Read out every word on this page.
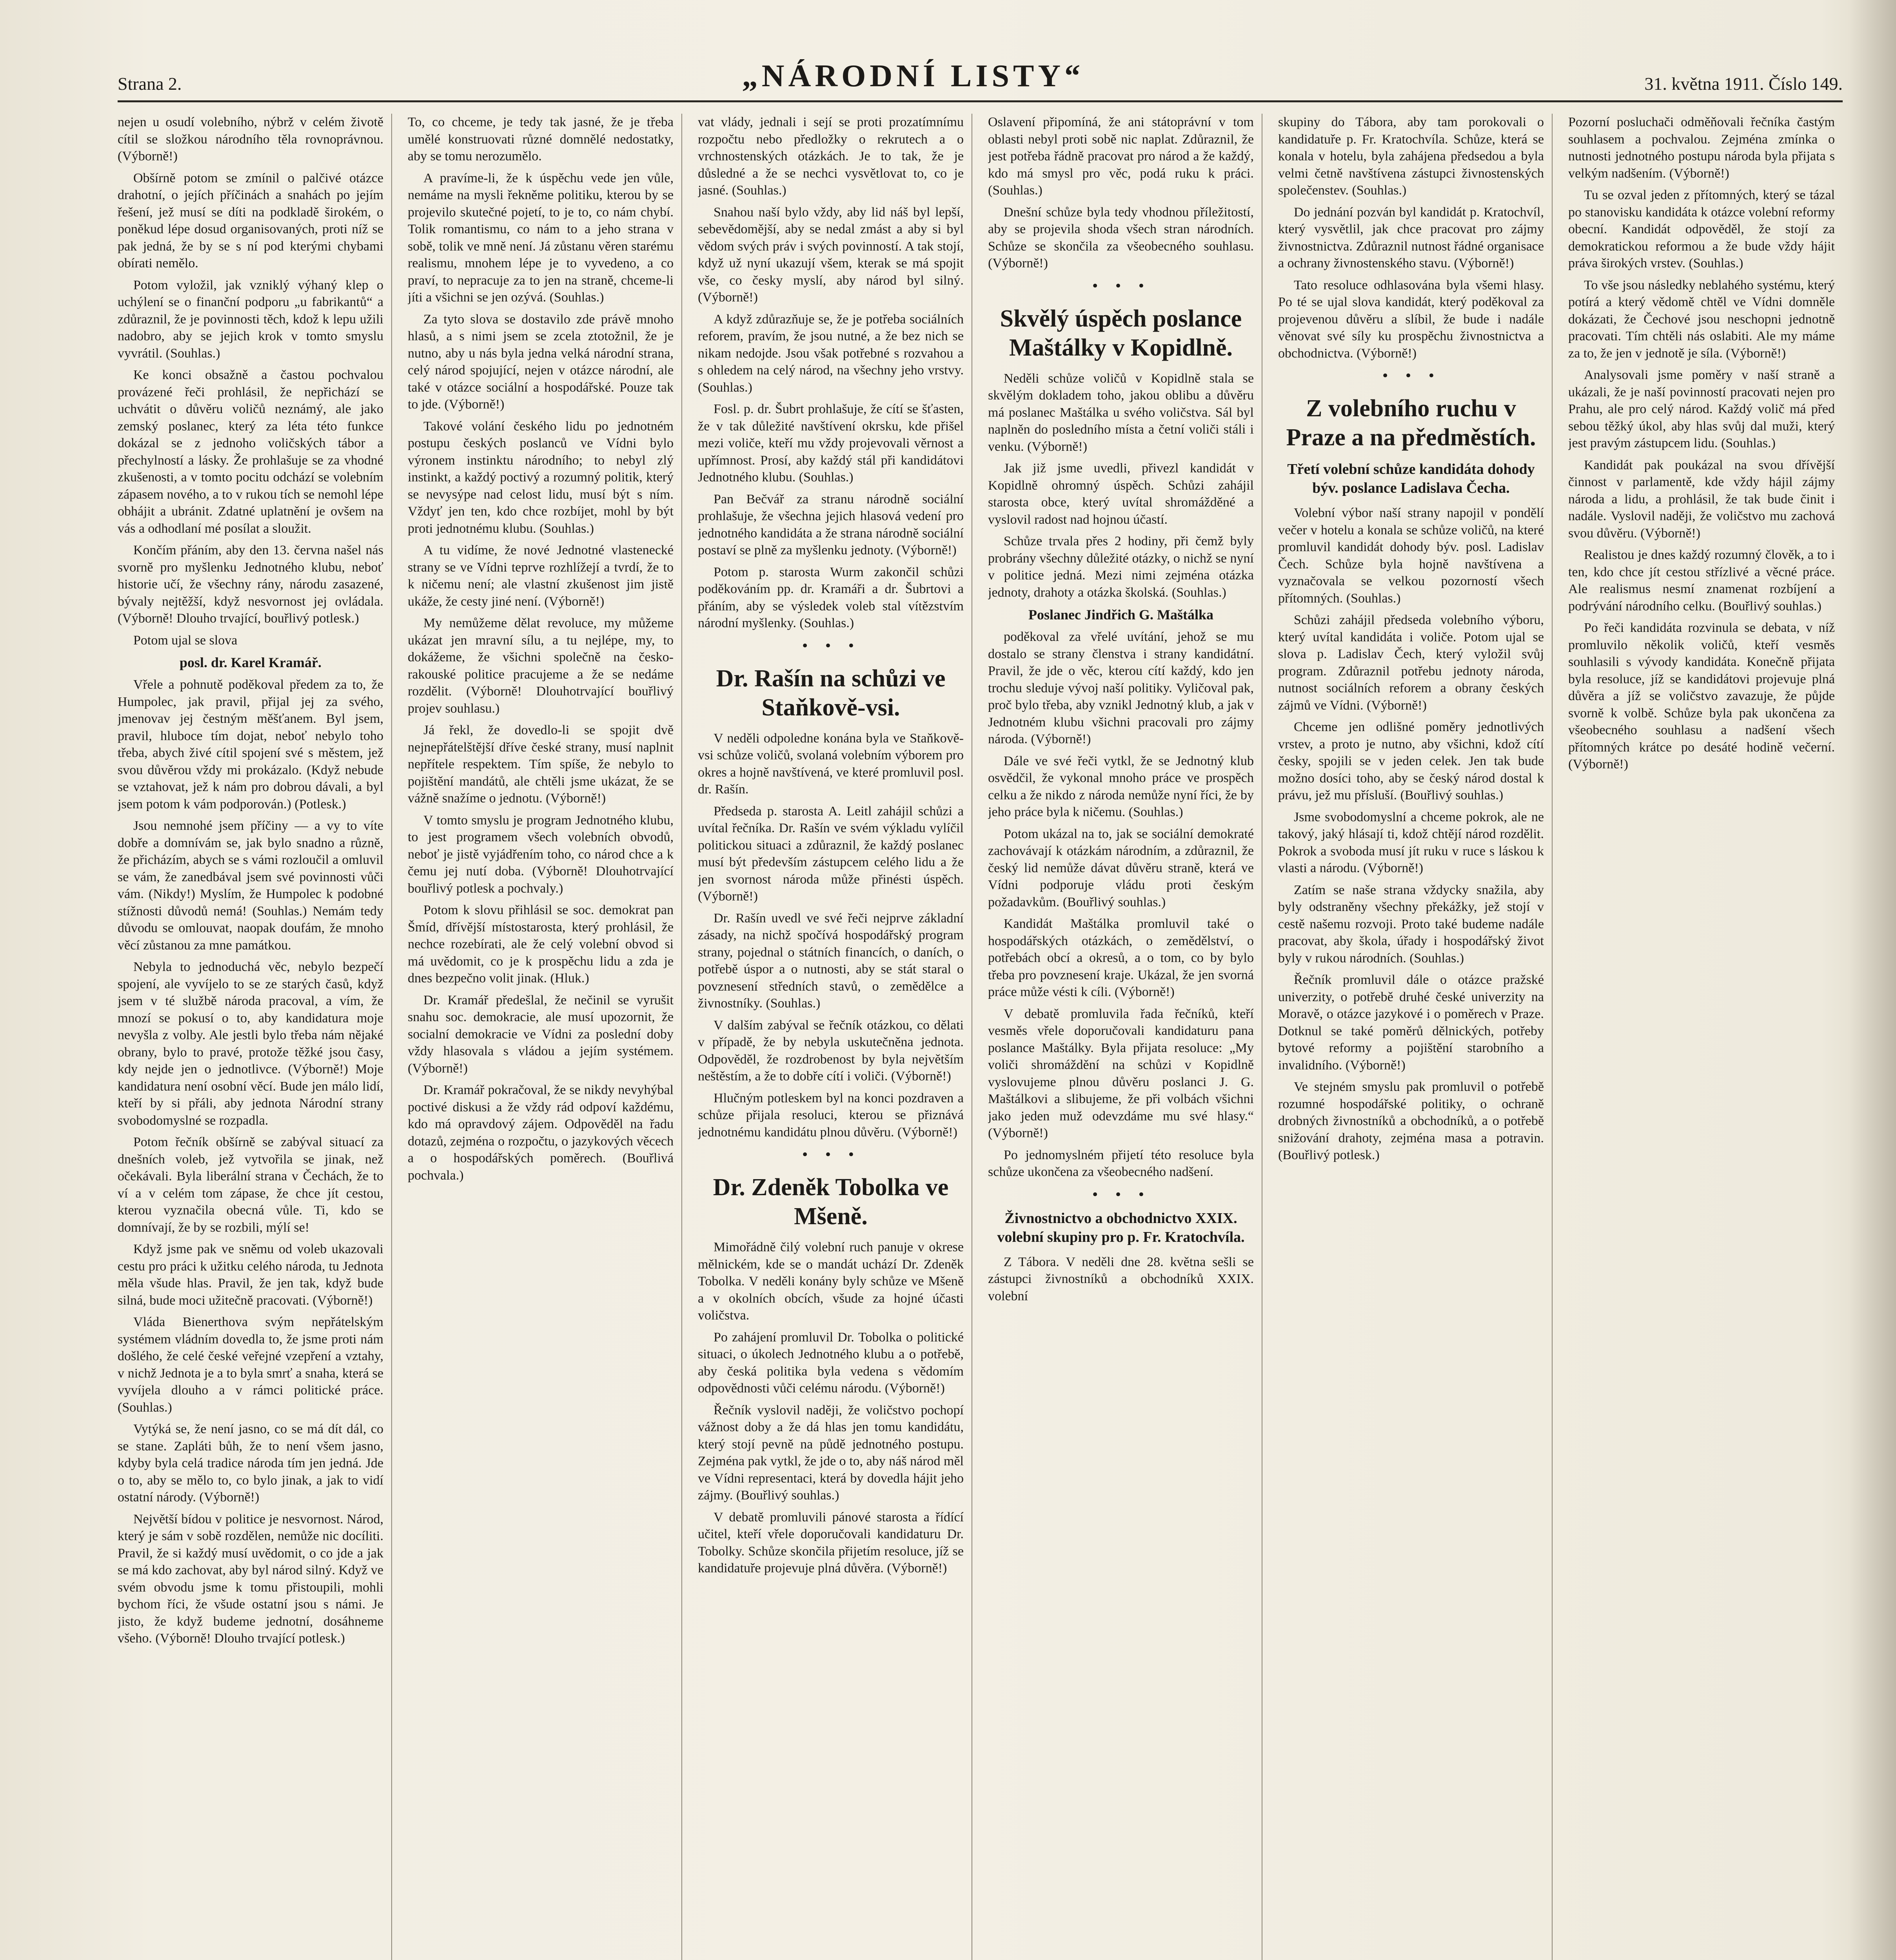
Strana 2.	„NÁRODNÍ LISTY“	31. května 1911. Číslo 149.

nejen u osudí volebního, nýbrž v celém životě cítil se složkou národního těla rovnoprávnou. (Výborně!)

Obšírně potom se zmínil o palčivé otázce drahotní, o jejích příčinách a snahách po jejím řešení, jež musí se díti na podkladě širokém, o poněkud lépe dosud organisovaných, proti níž se pak jedná, že by se s ní pod kterými chybami obírati nemělo.

Potom vyložil, jak vzniklý výhaný klep o uchýlení se o finanční podporu „u fabrikantů“ a zdůraznil, že je povinnosti těch, kdož k lepu užili nadobro, aby se jejich krok v tomto smyslu vyvrátil. (Souhlas.)

Ke konci obsažně a častou pochvalou provázené řeči prohlásil, že nepřichází se uchvátit o důvěru voličů neznámý, ale jako zemský poslanec, který za léta této funkce dokázal se z jednoho voličských tábor a přechylností a lásky. Že prohlašuje se za vhodné zkušenosti, a v tomto pocitu odchází se volebním zápasem nového, a to v rukou tích se nemohl lépe obhájit a ubránit. Zdatné uplatnění je ovšem na vás a odhodlaní mé posílat a sloužit.

Končím přáním, aby den 13. června našel nás svorně pro myšlenku Jednotného klubu, neboť historie učí, že všechny rány, národu zasazené, bývaly nejtěžší, když nesvornost jej ovládala. (Výborně! Dlouho trvající, bouřlivý potlesk.)

Potom ujal se slova

posl. dr. Karel Kramář.

Vřele a pohnutě poděkoval předem za to, že Humpolec, jak pravil, přijal jej za svého, jmenovav jej čestným měšťanem. Byl jsem, pravil, hluboce tím dojat, neboť nebylo toho třeba, abych živé cítil spojení své s městem, jež svou důvěrou vždy mi prokázalo. (Když nebude se vztahovat, jež k nám pro dobrou dávali, a byl jsem potom k vám podporován.) (Potlesk.)

Jsou nemnohé jsem příčiny — a vy to víte dobře a domnívám se, jak bylo snadno a různě, že přicházím, abych se s vámi rozloučil a omluvil se vám, že zanedbával jsem své povinnosti vůči vám. (Nikdy!) Myslím, že Humpolec k podobné stížnosti důvodů nemá! (Souhlas.) Nemám tedy důvodu se omlouvat, naopak doufám, že mnoho věcí zůstanou za mne památkou.

Nebyla to jednoduchá věc, nebylo bezpečí spojení, ale vyvíjelo to se ze starých časů, když jsem v té službě národa pracoval, a vím, že mnozí se pokusí o to, aby kandidatura moje nevyšla z volby. Ale jestli bylo třeba nám nějaké obrany, bylo to pravé, protože těžké jsou časy, kdy nejde jen o jednotlivce. (Výborně!) Moje kandidatura není osobní věcí. Bude jen málo lidí, kteří by si přáli, aby jednota Národní strany svobodomyslné se rozpadla.

Potom řečník obšírně se zabýval situací za dnešních voleb, jež vytvořila se jinak, než očekávali. Byla liberální strana v Čechách, že to ví a v celém tom zápase, že chce jít cestou, kterou vyznačila obecná vůle. Ti, kdo se domnívají, že by se rozbili, mýlí se!

Když jsme pak ve sněmu od voleb ukazovali cestu pro práci k užitku celého národa, tu Jednota měla všude hlas. Pravil, že jen tak, když bude silná, bude moci užitečně pracovati. (Výborně!)

Vláda Bienerthova svým nepřátelským systémem vládním dovedla to, že jsme proti nám došlého, že celé české veřejné vzepření a vztahy, v nichž Jednota je a to byla smrť a snaha, která se vyvíjela dlouho a v rámci politické práce. (Souhlas.)

Vytýká se, že není jasno, co se má dít dál, co se stane. Zapláti bůh, že to není všem jasno, kdyby byla celá tradice národa tím jen jedná. Jde o to, aby se mělo to, co bylo jinak, a jak to vidí ostatní národy. (Výborně!)

Největší bídou v politice je nesvornost. Národ, který je sám v sobě rozdělen, nemůže nic docíliti. Pravil, že si každý musí uvědomit, o co jde a jak se má kdo zachovat, aby byl národ silný. Když ve svém obvodu jsme k tomu přistoupili, mohli bychom říci, že všude ostatní jsou s námi. Je jisto, že když budeme jednotní, dosáhneme všeho. (Výborně! Dlouho trvající potlesk.)

To, co chceme, je tedy tak jasné, že je třeba umělé konstruovati různé domnělé nedostatky, aby se tomu nerozumělo.

A pravíme-li, že k úspěchu vede jen vůle, nemáme na mysli řekněme politiku, kterou by se projevilo skutečné pojetí, to je to, co nám chybí. Tolik romantismu, co nám to a jeho strana v sobě, tolik ve mně není. Já zůstanu věren starému realismu, mnohem lépe je to vyvedeno, a co praví, to nepracuje za to jen na straně, chceme-li jíti a všichni se jen ozývá. (Souhlas.)

Za tyto slova se dostavilo zde právě mnoho hlasů, a s nimi jsem se zcela ztotožnil, že je nutno, aby u nás byla jedna velká národní strana, celý národ spojující, nejen v otázce národní, ale také v otázce sociální a hospodářské. Pouze tak to jde. (Výborně!)

Takové volání českého lidu po jednotném postupu českých poslanců ve Vídni bylo výronem instinktu národního; to nebyl zlý instinkt, a každý poctivý a rozumný politik, který se nevysýpe nad celost lidu, musí být s ním. Vždyť jen ten, kdo chce rozbíjet, mohl by být proti jednotnému klubu. (Souhlas.)

A tu vidíme, že nové Jednotné vlastenecké strany se ve Vídni teprve rozhlížejí a tvrdí, že to k ničemu není; ale vlastní zkušenost jim jistě ukáže, že cesty jiné není. (Výborně!)

My nemůžeme dělat revoluce, my můžeme ukázat jen mravní sílu, a tu nejlépe, my, to dokážeme, že všichni společně na česko-rakouské politice pracujeme a že se nedáme rozdělit. (Výborně! Dlouhotrvající bouřlivý projev souhlasu.)

Já řekl, že dovedlo-li se spojit dvě nejnepřátelštější dříve české strany, musí naplnit nepřítele respektem. Tím spíše, že nebylo to pojištění mandátů, ale chtěli jsme ukázat, že se vážně snažíme o jednotu. (Výborně!)

V tomto smyslu je program Jednotného klubu, to jest programem všech volebních obvodů, neboť je jistě vyjádřením toho, co národ chce a k čemu jej nutí doba. (Výborně! Dlouhotrvající bouřlivý potlesk a pochvaly.)

Potom k slovu přihlásil se soc. demokrat pan Šmíd, dřívější místostarosta, který prohlásil, že nechce rozebírati, ale že celý volební obvod si má uvědomit, co je k prospěchu lidu a zda je dnes bezpečno volit jinak. (Hluk.)

Dr. Kramář předešlal, že nečinil se vyrušit snahu soc. demokracie, ale musí upozornit, že socialní demokracie ve Vídni za poslední doby vždy hlasovala s vládou a jejím systémem. (Výborně!)

Dr. Kramář pokračoval, že se nikdy nevyhýbal poctivé diskusi a že vždy rád odpoví každému, kdo má opravdový zájem. Odpověděl na řadu dotazů, zejména o rozpočtu, o jazykových věcech a o hospodářských poměrech. (Bouřlivá pochvala.)

vat vlády, jednali i sejí se proti prozatímnímu rozpočtu nebo předložky o rekrutech a o vrchnostenských otázkách. Je to tak, že je důsledné a že se nechci vysvětlovat to, co je jasné. (Souhlas.)

Snahou naší bylo vždy, aby lid náš byl lepší, sebevědomější, aby se nedal zmást a aby si byl vědom svých práv i svých povinností. A tak stojí, když už nyní ukazují všem, kterak se má spojit vše, co česky myslí, aby národ byl silný. (Výborně!)

A když zdůrazňuje se, že je potřeba sociálních reforem, pravím, že jsou nutné, a že bez nich se nikam nedojde. Jsou však potřebné s rozvahou a s ohledem na celý národ, na všechny jeho vrstvy. (Souhlas.)

Fosl. p. dr. Šubrt prohlašuje, že cítí se šťasten, že v tak důležité navštívení okrsku, kde přišel mezi voliče, kteří mu vždy projevovali věrnost a upřímnost. Prosí, aby každý stál při kandidátovi Jednotného klubu. (Souhlas.)

Pan Bečvář za stranu národně sociální prohlašuje, že všechna jejich hlasová vedení pro jednotného kandidáta a že strana národně sociální postaví se plně za myšlenku jednoty. (Výborně!)

Potom p. starosta Wurm zakončil schůzi poděkováním pp. dr. Kramáři a dr. Šubrtovi a přáním, aby se výsledek voleb stal vítězstvím národní myšlenky. (Souhlas.)

• • •
Dr. Rašín na schůzi ve Staňkově-vsi.

V neděli odpoledne konána byla ve Staňkově-vsi schůze voličů, svolaná volebním výborem pro okres a hojně navštívená, ve které promluvil posl. dr. Rašín.

Předseda p. starosta A. Leitl zahájil schůzi a uvítal řečníka. Dr. Rašín ve svém výkladu vylíčil politickou situaci a zdůraznil, že každý poslanec musí být především zástupcem celého lidu a že jen svornost národa může přinésti úspěch. (Výborně!)

Dr. Rašín uvedl ve své řeči nejprve základní zásady, na nichž spočívá hospodářský program strany, pojednal o státních financích, o daních, o potřebě úspor a o nutnosti, aby se stát staral o povznesení středních stavů, o zemědělce a živnostníky. (Souhlas.)

V dalším zabýval se řečník otázkou, co dělati v případě, že by nebyla uskutečněna jednota. Odpověděl, že rozdrobenost by byla největším neštěstím, a že to dobře cítí i voliči. (Výborně!)

Hlučným potleskem byl na konci pozdraven a schůze přijala resoluci, kterou se přiznává jednotnému kandidátu plnou důvěru. (Výborně!)

• • •
Dr. Zdeněk Tobolka ve Mšeně.

Mimořádně čilý volební ruch panuje v okrese mělnickém, kde se o mandát uchází Dr. Zdeněk Tobolka. V neděli konány byly schůze ve Mšeně a v okolních obcích, všude za hojné účasti voličstva.

Po zahájení promluvil Dr. Tobolka o politické situaci, o úkolech Jednotného klubu a o potřebě, aby česká politika byla vedena s vědomím odpovědnosti vůči celému národu. (Výborně!)

Řečník vyslovil naději, že voličstvo pochopí vážnost doby a že dá hlas jen tomu kandidátu, který stojí pevně na půdě jednotného postupu. Zejména pak vytkl, že jde o to, aby náš národ měl ve Vídni representaci, která by dovedla hájit jeho zájmy. (Bouřlivý souhlas.)

V debatě promluvili pánové starosta a řídící učitel, kteří vřele doporučovali kandidaturu Dr. Tobolky. Schůze skončila přijetím resoluce, jíž se kandidatuře projevuje plná důvěra. (Výborně!)

Oslavení připomíná, že ani státoprávní v tom oblasti nebyl proti sobě nic naplat. Zdůraznil, že jest potřeba řádně pracovat pro národ a že každý, kdo má smysl pro věc, podá ruku k práci. (Souhlas.)

Dnešní schůze byla tedy vhodnou příležitostí, aby se projevila shoda všech stran národních. Schůze se skončila za všeobecného souhlasu. (Výborně!)

• • •
Skvělý úspěch poslance Maštálky v Kopidlně.

Neděli schůze voličů v Kopidlně stala se skvělým dokladem toho, jakou oblibu a důvěru má poslanec Maštálka u svého voličstva. Sál byl naplněn do posledního místa a četní voliči stáli i venku. (Výborně!)

Jak již jsme uvedli, přivezl kandidát v Kopidlně ohromný úspěch. Schůzi zahájil starosta obce, který uvítal shromážděné a vyslovil radost nad hojnou účastí.

Schůze trvala přes 2 hodiny, při čemž byly probrány všechny důležité otázky, o nichž se nyní v politice jedná. Mezi nimi zejména otázka jednoty, drahoty a otázka školská. (Souhlas.)

Poslanec Jindřich G. Maštálka

poděkoval za vřelé uvítání, jehož se mu dostalo se strany členstva i strany kandidátní. Pravil, že jde o věc, kterou cítí každý, kdo jen trochu sleduje vývoj naší politiky. Vyličoval pak, proč bylo třeba, aby vznikl Jednotný klub, a jak v Jednotném klubu všichni pracovali pro zájmy národa. (Výborně!)

Dále ve své řeči vytkl, že se Jednotný klub osvědčil, že vykonal mnoho práce ve prospěch celku a že nikdo z národa nemůže nyní říci, že by jeho práce byla k ničemu. (Souhlas.)

Potom ukázal na to, jak se sociální demokraté zachovávají k otázkám národním, a zdůraznil, že český lid nemůže dávat důvěru straně, která ve Vídni podporuje vládu proti českým požadavkům. (Bouřlivý souhlas.)

Kandidát Maštálka promluvil také o hospodářských otázkách, o zemědělství, o potřebách obcí a okresů, a o tom, co by bylo třeba pro povznesení kraje. Ukázal, že jen svorná práce může vésti k cíli. (Výborně!)

V debatě promluvila řada řečníků, kteří vesměs vřele doporučovali kandidaturu pana poslance Maštálky. Byla přijata resoluce: „My voliči shromáždění na schůzi v Kopidlně vyslovujeme plnou důvěru poslanci J. G. Maštálkovi a slibujeme, že při volbách všichni jako jeden muž odevzdáme mu své hlasy.“ (Výborně!)

Po jednomyslném přijetí této resoluce byla schůze ukončena za všeobecného nadšení.

• • •
Živnostnictvo a obchodnictvo XXIX. volební skupiny pro p. Fr. Kratochvíla.

Z Tábora. V neděli dne 28. května sešli se zástupci živnostníků a obchodníků XXIX. volební

skupiny do Tábora, aby tam porokovali o kandidatuře p. Fr. Kratochvíla. Schůze, která se konala v hotelu, byla zahájena předsedou a byla velmi četně navštívena zástupci živnostenských společenstev. (Souhlas.)

Do jednání pozván byl kandidát p. Kratochvíl, který vysvětlil, jak chce pracovat pro zájmy živnostnictva. Zdůraznil nutnost řádné organisace a ochrany živnostenského stavu. (Výborně!)

Tato resoluce odhlasována byla všemi hlasy. Po té se ujal slova kandidát, který poděkoval za projevenou důvěru a slíbil, že bude i nadále věnovat své síly ku prospěchu živnostnictva a obchodnictva. (Výborně!)

• • •
Z volebního ruchu v Praze a na předměstích.
Třetí volební schůze kandidáta dohody býv. poslance Ladislava Čecha.

Volební výbor naší strany napojil v pondělí večer v hotelu a konala se schůze voličů, na které promluvil kandidát dohody býv. posl. Ladislav Čech. Schůze byla hojně navštívena a vyznačovala se velkou pozorností všech přítomných. (Souhlas.)

Schůzi zahájil předseda volebního výboru, který uvítal kandidáta i voliče. Potom ujal se slova p. Ladislav Čech, který vyložil svůj program. Zdůraznil potřebu jednoty národa, nutnost sociálních reforem a obrany českých zájmů ve Vídni. (Výborně!)

Chceme jen odlišné poměry jednotlivých vrstev, a proto je nutno, aby všichni, kdož cítí česky, spojili se v jeden celek. Jen tak bude možno dosíci toho, aby se český národ dostal k právu, jež mu přísluší. (Bouřlivý souhlas.)

Jsme svobodomyslní a chceme pokrok, ale ne takový, jaký hlásají ti, kdož chtějí národ rozdělit. Pokrok a svoboda musí jít ruku v ruce s láskou k vlasti a národu. (Výborně!)

Zatím se naše strana vždycky snažila, aby byly odstraněny všechny překážky, jež stojí v cestě našemu rozvoji. Proto také budeme nadále pracovat, aby škola, úřady i hospodářský život byly v rukou národních. (Souhlas.)

Řečník promluvil dále o otázce pražské univerzity, o potřebě druhé české univerzity na Moravě, o otázce jazykové i o poměrech v Praze. Dotknul se také poměrů dělnických, potřeby bytové reformy a pojištění starobního a invalidního. (Výborně!)

Ve stejném smyslu pak promluvil o potřebě rozumné hospodářské politiky, o ochraně drobných živnostníků a obchodníků, a o potřebě snižování drahoty, zejména masa a potravin. (Bouřlivý potlesk.)

Pozorní posluchači odměňovali řečníka častým souhlasem a pochvalou. Zejména zmínka o nutnosti jednotného postupu národa byla přijata s velkým nadšením. (Výborně!)

Tu se ozval jeden z přítomných, který se tázal po stanovisku kandidáta k otázce volební reformy obecní. Kandidát odpověděl, že stojí za demokratickou reformou a že bude vždy hájit práva širokých vrstev. (Souhlas.)

To vše jsou následky neblahého systému, který potírá a který vědomě chtěl ve Vídni domněle dokázati, že Čechové jsou neschopni jednotně pracovati. Tím chtěli nás oslabiti. Ale my máme za to, že jen v jednotě je síla. (Výborně!)

Analysovali jsme poměry v naší straně a ukázali, že je naší povinností pracovati nejen pro Prahu, ale pro celý národ. Každý volič má před sebou těžký úkol, aby hlas svůj dal muži, který jest pravým zástupcem lidu. (Souhlas.)

Kandidát pak poukázal na svou dřívější činnost v parlamentě, kde vždy hájil zájmy národa a lidu, a prohlásil, že tak bude činit i nadále. Vyslovil naději, že voličstvo mu zachová svou důvěru. (Výborně!)

Realistou je dnes každý rozumný člověk, a to i ten, kdo chce jít cestou střízlivé a věcné práce. Ale realismus nesmí znamenat rozbíjení a podrývání národního celku. (Bouřlivý souhlas.)

Po řeči kandidáta rozvinula se debata, v níž promluvilo několik voličů, kteří vesměs souhlasili s vývody kandidáta. Konečně přijata byla resoluce, jíž se kandidátovi projevuje plná důvěra a jíž se voličstvo zavazuje, že půjde svorně k volbě. Schůze byla pak ukončena za všeobecného souhlasu a nadšení všech přítomných krátce po desáté hodině večerní. (Výborně!)
